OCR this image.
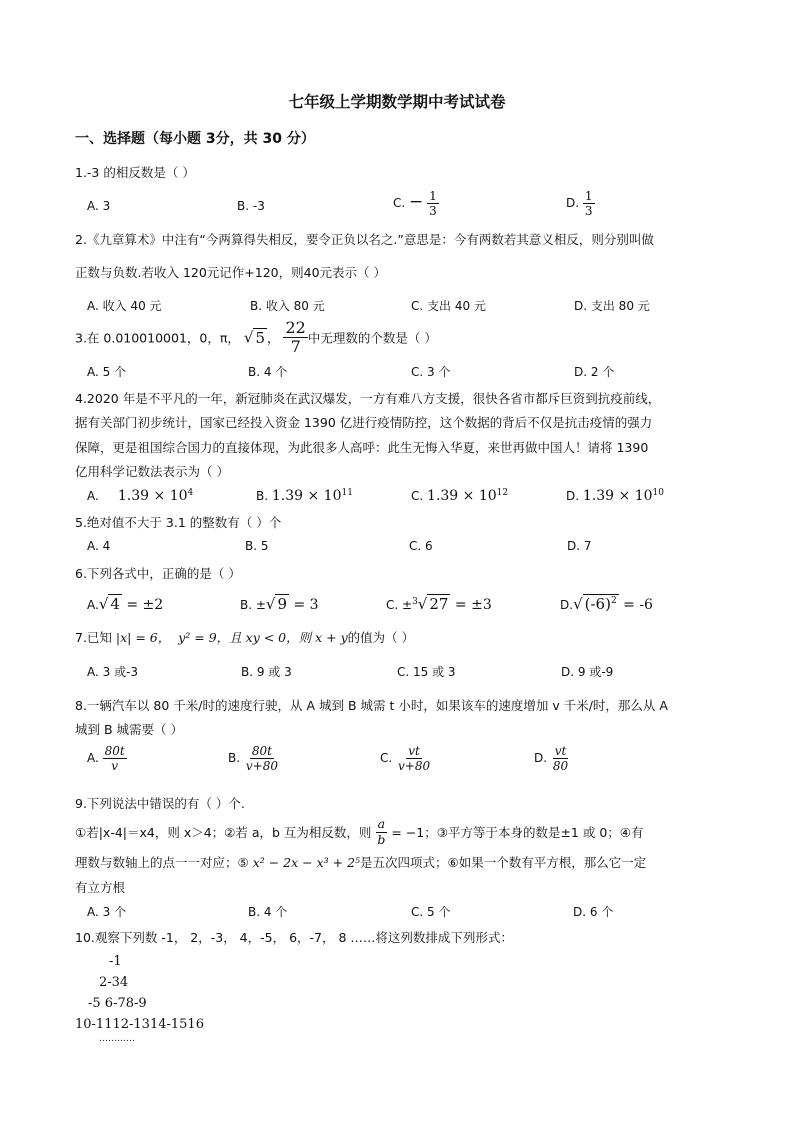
七年级上学期数学期中考试试卷
一、选择题（每小题 3分，共 30 分）
1.-3 的相反数是（ ）
A. 3	B. -3	C. − $\frac{1}{3}$	D. $\frac{1}{3}$
2.《九章算术》中注有“今两算得失相反，要令正负以名之.”意思是：今有两数若其意义相反，则分别叫做
正数与负数.若收入 120元记作+120，则40元表示（ ）
A. 收入 40 元	B. 收入 80 元	C. 支出 40 元	D. 支出 80 元
3.在 0.010010001，0，π， √ 5 ， $\frac{22}{7}$ 中无理数的个数是（ ）
A. 5 个	B. 4 个	C. 3 个	D. 2 个
4.2020 年是不平凡的一年，新冠肺炎在武汉爆发，一方有难八方支援，很快各省市都斥巨资到抗疫前线，
据有关部门初步统计，国家已经投入资金 1390 亿进行疫情防控，这个数据的背后不仅是抗击疫情的强力
保障，更是祖国综合国力的直接体现，为此很多人高呼：此生无悔入华夏，来世再做中国人！请将 1390
亿用科学记数法表示为（ ）
A. $1.39 \times 10^4$	B. $1.39 \times 10^{11}$	C. $1.39 \times 10^{12}$	D. $1.39 \times 10^{10}$
5.绝对值不大于 3.1 的整数有（ ）个
A. 4	B. 5	C. 6	D. 7
6.下列各式中，正确的是（ ）
A.√ 4 = ±2	B. ±√ 9 = 3	C. ±$^3$√ 27 = ±3	D.√ $(-6)^2 = -6$
7.已知 |x| = 6， y² = 9，且 xy < 0，则 x + y的值为（ ）
A. 3 或-3	B. 9 或 3	C. 15 或 3	D. 9 或-9
8.一辆汽车以 80 千米/时的速度行驶，从 A 城到 B 城需 t 小时，如果该车的速度增加 v 千米/时，那么从 A
城到 B 城需要（ ）
A. $\frac{80t}{v}$	B. $\frac{80t}{v+80}$	C. $\frac{vt}{v+80}$	D. $\frac{vt}{80}$
9.下列说法中错误的有（ ）个.
①若|x-4|＝x4，则 x＞4；②若 a，b 互为相反数，则 $\frac{a}{b} = -1$；③平方等于本身的数是±1 或 0；④有
理数与数轴上的点一一对应；⑤ x² − 2x − x³ + 2⁵是五次四项式；⑥如果一个数有平方根，那么它一定
有立方根
A. 3 个	B. 4 个	C. 5 个	D. 6 个
10.观察下列数 -1， 2，-3， 4，-5， 6，-7， 8 ……将这列数排成下列形式：
-1
2-34
-5 6-78-9
10-1112-1314-1516
…………
